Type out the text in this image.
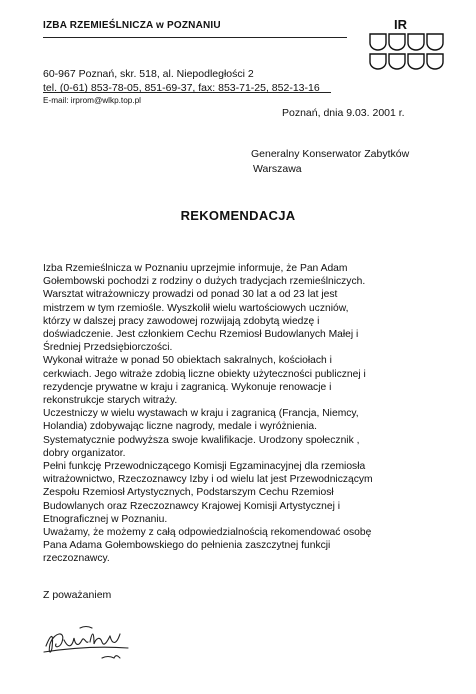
IZBA RZEMIEŚLNICZA w POZNANIU	IR
60-967 Poznań, skr. 518, al. Niepodległości 2
tel. (0-61) 853-78-05, 851-69-37, fax: 853-71-25, 852-13-16
E-mail: irprom@wlkp.top.pl
Poznań, dnia 9.03. 2001 r.
Generalny Konserwator Zabytków
Warszawa
REKOMENDACJA
Izba Rzemieślnicza w Poznaniu uprzejmie informuje, że Pan Adam
Gołembowski pochodzi z rodziny o dużych tradycjach rzemieślniczych.
Warsztat witrażowniczy prowadzi od ponad 30 lat a od 23 lat jest
mistrzem w tym rzemiośle. Wyszkolił wielu wartościowych uczniów,
którzy w dalszej pracy zawodowej rozwijają zdobytą wiedzę i
doświadczenie. Jest członkiem Cechu Rzemiosł Budowlanych Małej i
Średniej Przedsiębiorczości.
Wykonał witraże w ponad 50 obiektach sakralnych, kościołach i
cerkwiach. Jego witraże zdobią liczne obiekty użyteczności publicznej i
rezydencje prywatne w kraju i zagranicą. Wykonuje renowacje i
rekonstrukcje starych witraży.
Uczestniczy w wielu wystawach w kraju i zagranicą (Francja, Niemcy,
Holandia) zdobywając liczne nagrody, medale i wyróżnienia.
Systematycznie podwyższa swoje kwalifikacje. Urodzony społecznik ,
dobry organizator.
Pełni funkcję Przewodniczącego Komisji Egzaminacyjnej dla rzemiosła
witrażownictwo, Rzeczoznawcy Izby i od wielu lat jest Przewodniczącym
Zespołu Rzemiosł Artystycznych, Podstarszym Cechu Rzemiosł
Budowlanych oraz Rzeczoznawcy Krajowej Komisji Artystycznej i
Etnograficznej w Poznaniu.
Uważamy, że możemy z całą odpowiedzialnością rekomendować osobę
Pana Adama Gołembowskiego do pełnienia zaszczytnej funkcji
rzeczoznawcy.
Z poważaniem
